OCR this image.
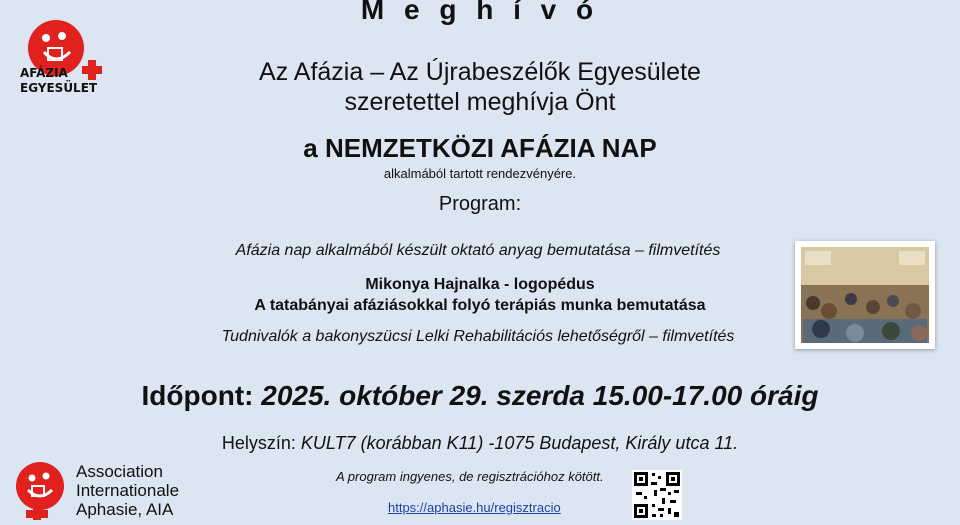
M e g h í v ó
AFÁZIA
EGYESÜLET
Az Afázia – Az Újrabeszélők Egyesülete
szeretettel meghívja Önt
a NEMZETKÖZI AFÁZIA NAP
alkalmából tartott rendezvényére.
Program:
Afázia nap alkalmából készült oktató anyag bemutatása – filmvetítés
Mikonya Hajnalka - logopédus
A tatabányai afáziásokkal folyó terápiás munka bemutatása
Tudnivalók a bakonyszücsi Lelki Rehabilitációs lehetőségről – filmvetítés
Időpont: 2025. október 29. szerda 15.00-17.00 óráig
Helyszín: KULT7 (korábban K11) -1075 Budapest, Király utca 11.
A program ingyenes, de regisztrációhoz kötött.
https://aphasie.hu/regisztracio
Association
Internationale
Aphasie, AIA
